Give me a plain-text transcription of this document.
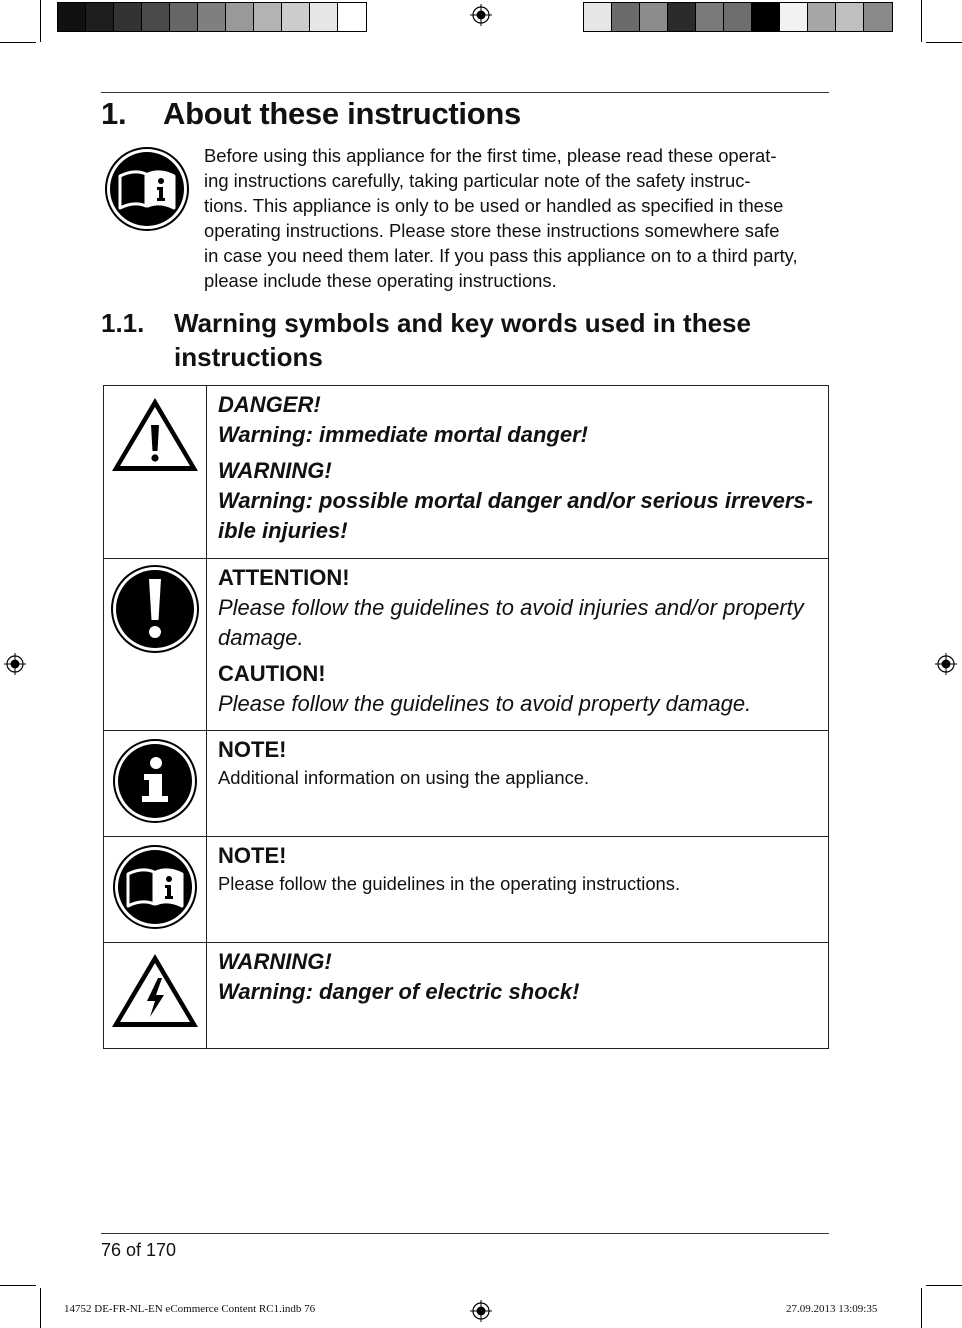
1. About these instructions

Before using this appliance for the first time, please read these operat-

ing instructions carefully, taking particular note of the safety instruc-

tions. This appliance is only to be used or handled as specified in these

operating instructions. Please store these instructions somewhere safe

in case you need them later. If you pass this appliance on to a third party,

please include these operating instructions.

1.1. Warning symbols and key words used in these
instructions

DANGER!

Warning: immediate mortal danger!

WARNING!

Warning: possible mortal danger and/or serious irrevers-
ible injuries!

ATTENTION!

Please follow the guidelines to avoid injuries and/or property
damage.

CAUTION!

Please follow the guidelines to avoid property damage.

NOTE!

Additional information on using the appliance.

NOTE!

Please follow the guidelines in the operating instructions.

WARNING!

Warning: danger of electric shock!

76 of 170
14752 DE-FR-NL-EN eCommerce Content RC1.indb 76	27.09.2013 13:09:35
